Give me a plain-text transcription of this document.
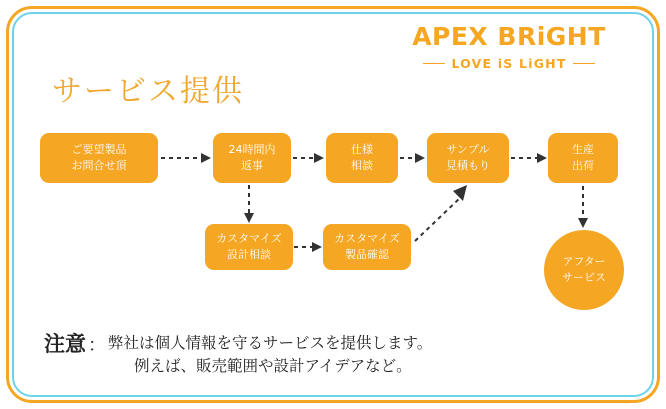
APEX BRiGHT
LOVE iS LiGHT
サービス提供
ご要望製品
お問合せ頂
24時間内
返事
仕様
相談
サンプル
見積もり
生産
出荷
カスタマイズ
設計相談
カスタマイズ
製品確認
アフター
サービス
注意 ： 弊社は個人情報を守るサービスを提供します。
例えば、販売範囲や設計アイデアなど。
